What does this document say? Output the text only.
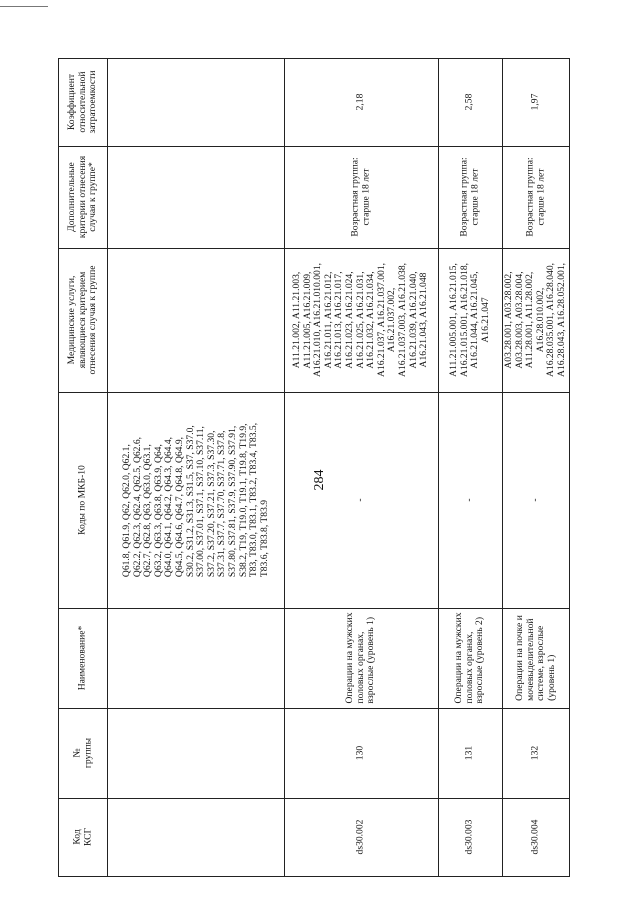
284
Коэффициент относительной затратоемкости
Дополнительные критерии отнесения случая к группе*
Медицинские услуги, являющиеся критерием отнесения случая к группе
Коды по МКБ-10
Наименование*
№ группы
Код КСГ
Q61.8, Q61.9, Q62, Q62.0, Q62.1, Q62.2, Q62.3, Q62.4, Q62.5, Q62.6, Q62.7, Q62.8, Q63, Q63.0, Q63.1, Q63.2, Q63.3, Q63.8, Q63.9, Q64, Q64.0, Q64.1, Q64.2, Q64.3, Q64.4, Q64.5, Q64.6, Q64.7, Q64.8, Q64.9, S30.2, S31.2, S31.3, S31.5, S37, S37.0, S37.00, S37.01, S37.1, S37.10, S37.11, S37.2, S37.20, S37.21, S37.3, S37.30, S37.31, S37.7, S37.70, S37.71, S37.8, S37.80, S37.81, S37.9, S37.90, S37.91, S38.2, T19, T19.0, T19.1, T19.8, T19.9, T83, T83.0, T83.1, T83.2, T83.4, T83.5, T83.6, T83.8, T83.9
2,18
Возрастная группа: старше 18 лет
A11.21.002, A11.21.003, A11.21.005, A16.21.009, A16.21.010, A16.21.010.001, A16.21.011, A16.21.012, A16.21.013, A16.21.017, A16.21.023, A16.21.024, A16.21.025, A16.21.031, A16.21.032, A16.21.034, A16.21.037, A16.21.037.001, A16.21.037.002, A16.21.037.003, A16.21.038, A16.21.039, A16.21.040, A16.21.043, A16.21.048
-
Операции на мужских половых органах, взрослые (уровень 1)
130
ds30.002
2,58
Возрастная группа: старше 18 лет
A11.21.005.001, A16.21.015, A16.21.015.001, A16.21.018, A16.21.044, A16.21.045, A16.21.047
-
Операции на мужских половых органах, взрослые (уровень 2)
131
ds30.003
1,97
Возрастная группа: старше 18 лет
A03.28.001, A03.28.002, A03.28.003, A03.28.004, A11.28.001, A11.28.002, A16.28.010.002, A16.28.035.001, A16.28.040, A16.28.043, A16.28.052.001,
-
Операции на почке и мочевыделительной системе, взрослые (уровень 1)
132
ds30.004
